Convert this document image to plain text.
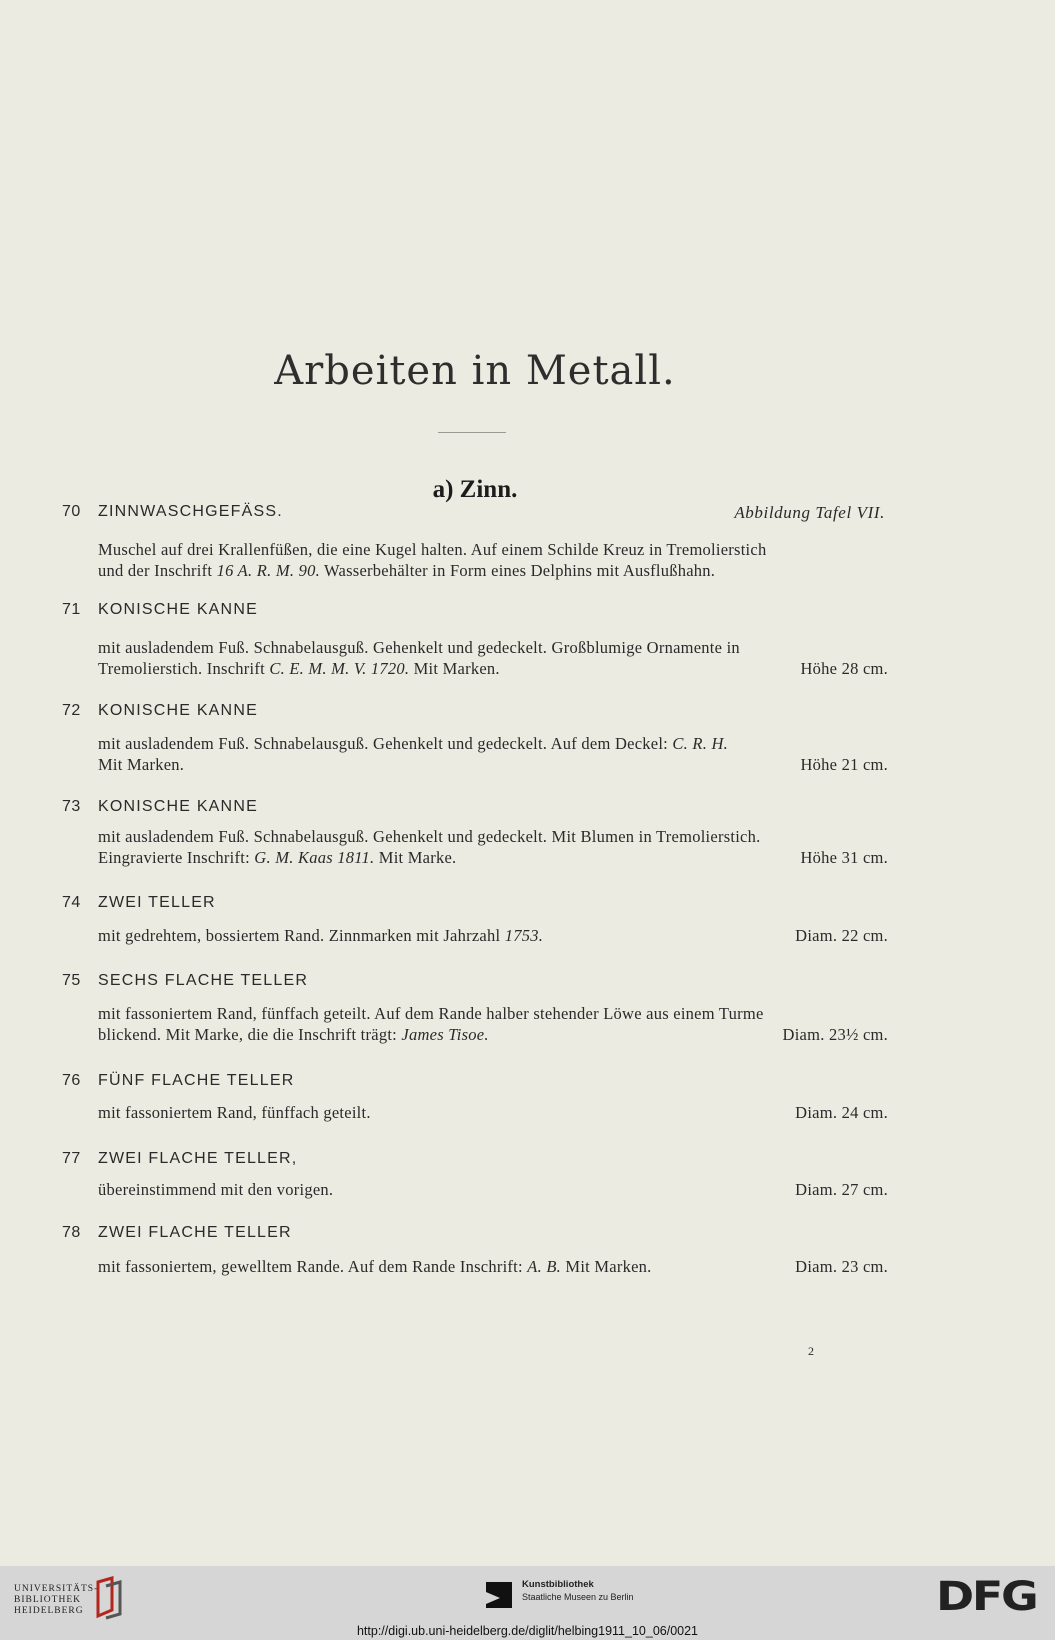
Arbeiten in Metall.
a) Zinn.
70 ZINNWASCHGEFÄSS.	Abbildung Tafel VII.
Muschel auf drei Krallenfüßen, die eine Kugel halten. Auf einem Schilde Kreuz in Tremolierstich
und der Inschrift 16 A. R. M. 90. Wasserbehälter in Form eines Delphins mit Ausflußhahn.
71 KONISCHE KANNE
mit ausladendem Fuß. Schnabelausguß. Gehenkelt und gedeckelt. Großblumige Ornamente in
Höhe 28 cm.
Tremolierstich. Inschrift C. E. M. M. V. 1720. Mit Marken.
72 KONISCHE KANNE
mit ausladendem Fuß. Schnabelausguß. Gehenkelt und gedeckelt. Auf dem Deckel: C. R. H.
Höhe 21 cm.
Mit Marken.
73 KONISCHE KANNE
mit ausladendem Fuß. Schnabelausguß. Gehenkelt und gedeckelt. Mit Blumen in Tremolierstich.
Höhe 31 cm.
Eingravierte Inschrift: G. M. Kaas 1811. Mit Marke.
74 ZWEI TELLER
Diam. 22 cm.
mit gedrehtem, bossiertem Rand. Zinnmarken mit Jahrzahl 1753.
75 SECHS FLACHE TELLER
mit fassoniertem Rand, fünffach geteilt. Auf dem Rande halber stehender Löwe aus einem Turme
Diam. 23½ cm.
blickend. Mit Marke, die die Inschrift trägt: James Tisoe.
76 FÜNF FLACHE TELLER
Diam. 24 cm.
mit fassoniertem Rand, fünffach geteilt.
77 ZWEI FLACHE TELLER,
Diam. 27 cm.
übereinstimmend mit den vorigen.
78 ZWEI FLACHE TELLER
Diam. 23 cm.
mit fassoniertem, gewelltem Rande. Auf dem Rande Inschrift: A. B. Mit Marken.
2
UNIVERSITÄTS-
BIBLIOTHEK
HEIDELBERG
Kunstbibliothek
Staatliche Museen zu Berlin	DFG
http://digi.ub.uni-heidelberg.de/diglit/helbing1911_10_06/0021
